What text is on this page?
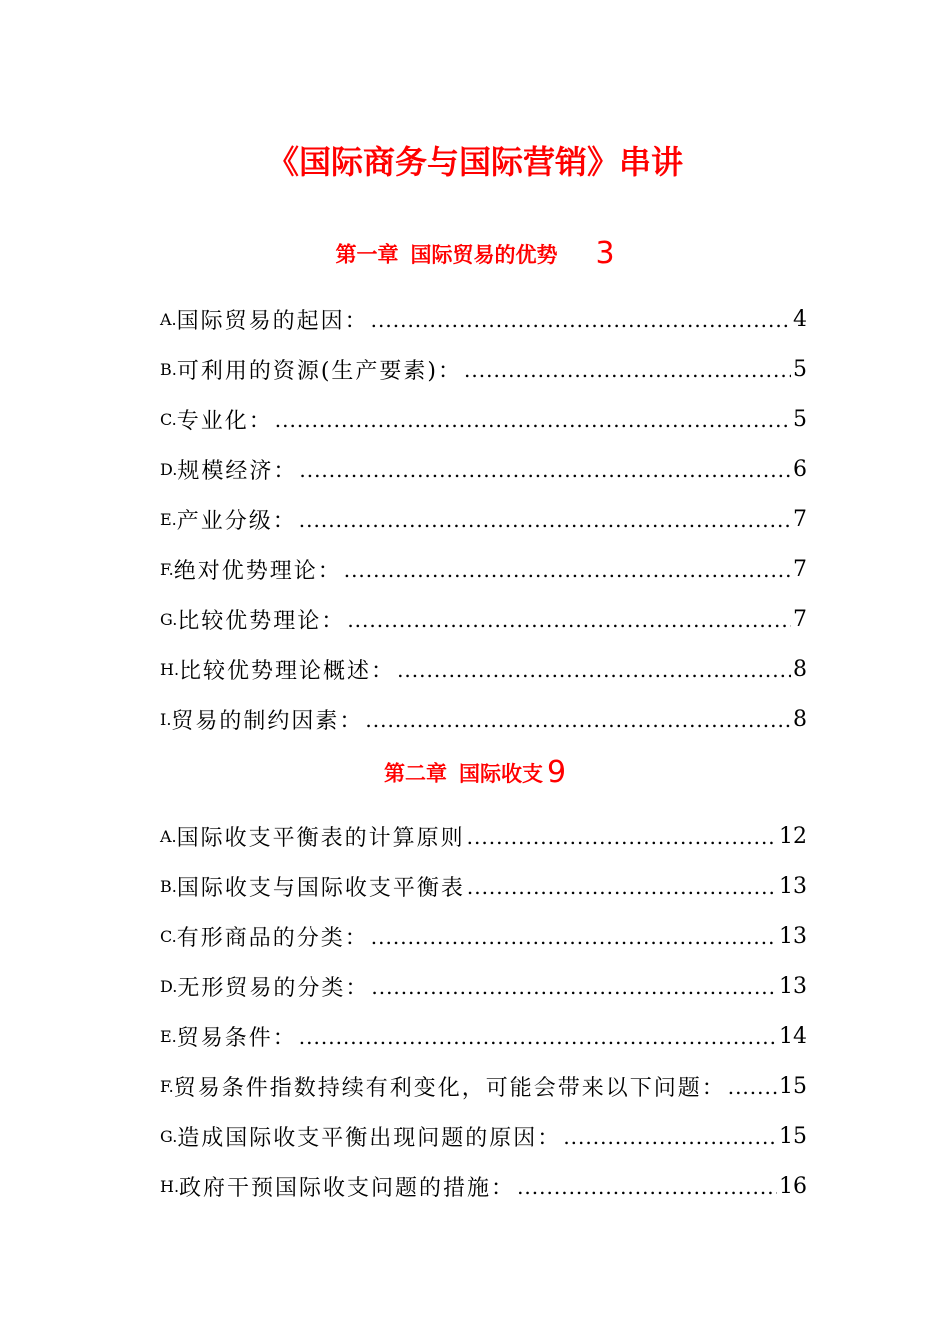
《国际商务与国际营销》串讲
第一章 国际贸易的优势 3
A. 国际贸易的起因： .....	4
B. 可利用的资源(生产要素)： .....	5
C. 专业化： .....	5
D. 规模经济： .....	6
E. 产业分级： .....	7
F. 绝对优势理论： .....	7
G. 比较优势理论： .....	7
H. 比较优势理论概述： .....	8
I. 贸易的制约因素： .....	8
第二章 国际收支 9
A. 国际收支平衡表的计算原则 .....	12
B. 国际收支与国际收支平衡表 .....	13
C. 有形商品的分类： .....	13
D. 无形贸易的分类： .....	13
E. 贸易条件： .....	14
F. 贸易条件指数持续有利变化，可能会带来以下问题： ..... 15
G. 造成国际收支平衡出现问题的原因： .....	15
H. 政府干预国际收支问题的措施： .....	16
